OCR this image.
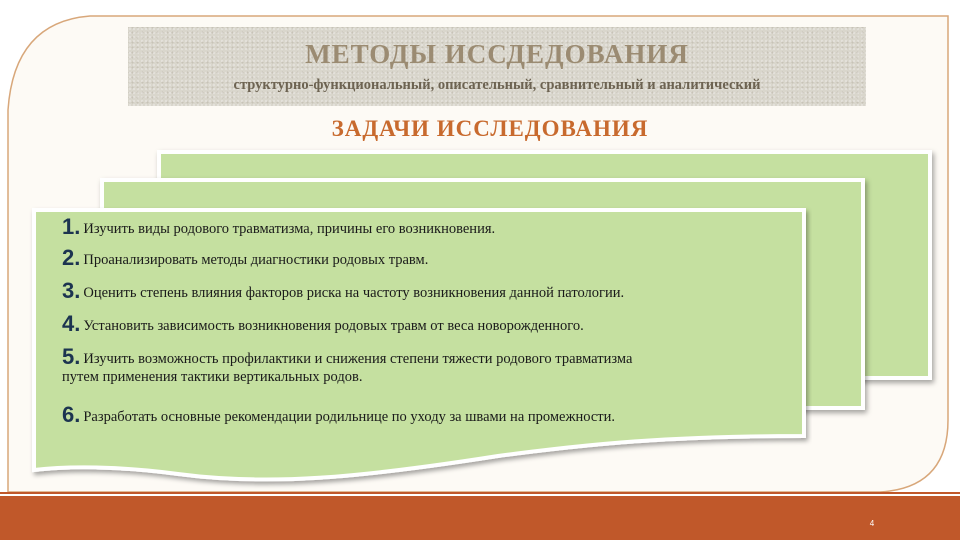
МЕТОДЫ ИССДЕДОВАНИЯ
структурно-функциональный, описательный, сравнительный и аналитический
ЗАДАЧИ ИССЛЕДОВАНИЯ
1. Изучить виды родового травматизма, причины его возникновения.
2. Проанализировать методы диагностики родовых травм.
3. Оценить степень влияния факторов риска на частоту возникновения данной патологии.
4. Установить зависимость возникновения родовых травм от веса новорожденного.
5. Изучить возможность профилактики и снижения степени тяжести родового травматизма
путем применения тактики вертикальных родов.
6. Разработать основные рекомендации родильнице по уходу за швами на промежности.
4
